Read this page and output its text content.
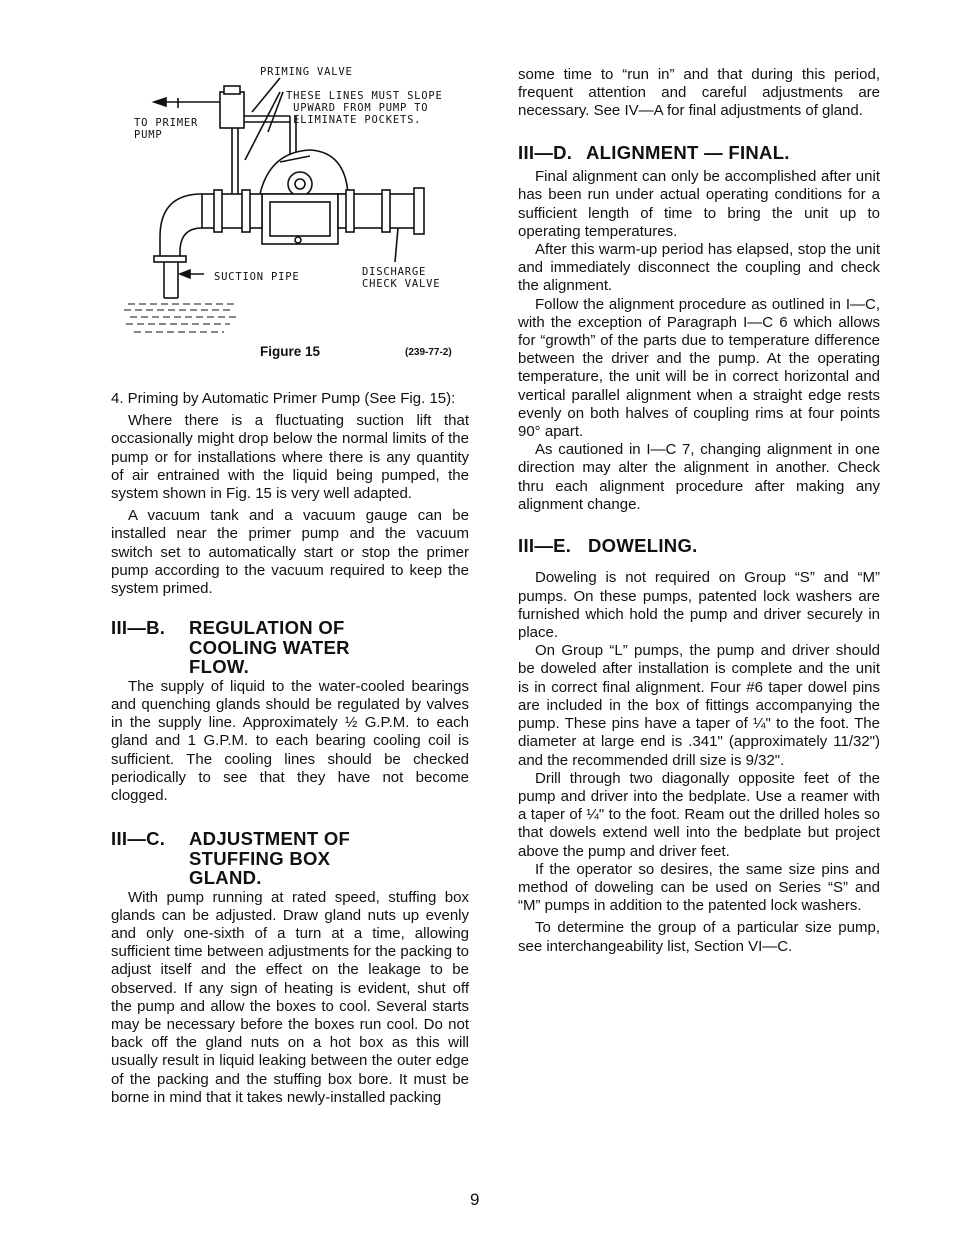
PRIMING VALVE
THESE LINES MUST SLOPE
UPWARD FROM PUMP TO
ELIMINATE POCKETS.
TO PRIMER
PUMP
SUCTION PIPE	DISCHARGE
CHECK VALVE
Figure 15	(239-77-2)

4. Priming by Automatic Primer Pump (See Fig. 15):

Where there is a fluctuating suction lift that occasionally might drop below the normal limits of the pump or for installations where there is any quantity of air entrained with the liquid being pumped, the system shown in Fig. 15 is very well adapted.

A vacuum tank and a vacuum gauge can be installed near the primer pump and the vacuum switch set to automatically start or stop the primer pump according to the vacuum required to keep the system primed.

III—B. REGULATION OF
COOLING WATER
FLOW.

The supply of liquid to the water-cooled bearings and quenching glands should be regulated by valves in the supply line. Approximately ½ G.P.M. to each gland and 1 G.P.M. to each bearing cooling coil is sufficient. The cooling lines should be checked periodically to see that they have not become clogged.

III—C. ADJUSTMENT OF
STUFFING BOX
GLAND.

With pump running at rated speed, stuffing box glands can be adjusted. Draw gland nuts up evenly and only one-sixth of a turn at a time, allowing sufficient time between adjustments for the packing to adjust itself and the effect on the leakage to be observed. If any sign of heating is evident, shut off the pump and allow the boxes to cool. Several starts may be necessary before the boxes run cool. Do not back off the gland nuts on a hot box as this will usually result in liquid leaking between the outer edge of the packing and the stuffing box bore. It must be borne in mind that it takes newly-installed packing

some time to “run in” and that during this period, frequent attention and careful adjustments are necessary. See IV—A for final adjustments of gland.

III—D. ALIGNMENT — FINAL.

Final alignment can only be accomplished after unit has been run under actual operating conditions for a sufficient length of time to bring the unit up to operating temperatures.

After this warm-up period has elapsed, stop the unit and immediately disconnect the coupling and check the alignment.

Follow the alignment procedure as outlined in I—C, with the exception of Paragraph I—C 6 which allows for “growth” of the parts due to temperature difference between the driver and the pump. At the operating temperature, the unit will be in correct horizontal and vertical parallel alignment when a straight edge rests evenly on both halves of coupling rims at four points 90° apart.

As cautioned in I—C 7, changing alignment in one direction may alter the alignment in another. Check thru each alignment procedure after making any alignment change.

III—E. DOWELING.

Doweling is not required on Group “S” and “M” pumps. On these pumps, patented lock washers are furnished which hold the pump and driver securely in place.

On Group “L” pumps, the pump and driver should be doweled after installation is complete and the unit is in correct final alignment. Four #6 taper dowel pins are included in the box of fittings accompanying the pump. These pins have a taper of ¼" to the foot. The diameter at large end is .341" (approximately 11/32") and the recommended drill size is 9/32".

Drill through two diagonally opposite feet of the pump and driver into the bedplate. Use a reamer with a taper of ¼" to the foot. Ream out the drilled holes so that dowels extend well into the bedplate but project above the pump and driver feet.

If the operator so desires, the same size pins and method of doweling can be used on Series “S” and “M” pumps in addition to the patented lock washers.

To determine the group of a particular size pump, see interchangeability list, Section VI—C.

9
